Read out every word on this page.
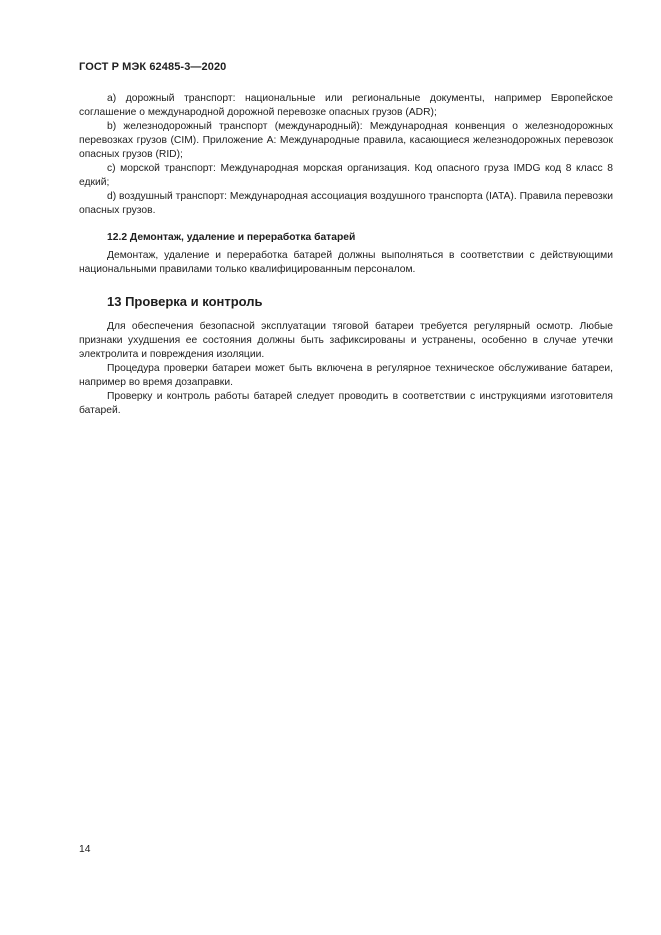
ГОСТ Р МЭК 62485-3—2020

а) дорожный транспорт: национальные или региональные документы, например Европейское соглашение о международной дорожной перевозке опасных грузов (ADR);

b) железнодорожный транспорт (международный): Международная конвенция о железнодорожных перевозках грузов (CIM). Приложение А: Международные правила, касающиеся железнодорожных перевозок опасных грузов (RID);

с) морской транспорт: Международная морская организация. Код опасного груза IMDG код 8 класс 8 едкий;

d) воздушный транспорт: Международная ассоциация воздушного транспорта (IATA). Правила перевозки опасных грузов.

12.2 Демонтаж, удаление и переработка батарей

Демонтаж, удаление и переработка батарей должны выполняться в соответствии с действующими национальными правилами только квалифицированным персоналом.

13 Проверка и контроль

Для обеспечения безопасной эксплуатации тяговой батареи требуется регулярный осмотр. Любые признаки ухудшения ее состояния должны быть зафиксированы и устранены, особенно в случае утечки электролита и повреждения изоляции.

Процедура проверки батареи может быть включена в регулярное техническое обслуживание батареи, например во время дозаправки.

Проверку и контроль работы батарей следует проводить в соответствии с инструкциями изготовителя батарей.

14
